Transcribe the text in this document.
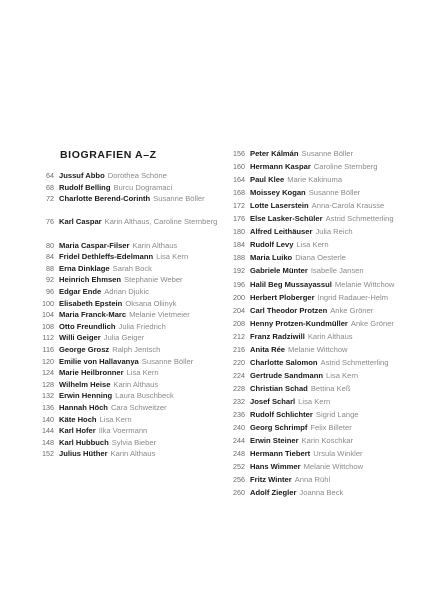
BIOGRAFIEN A–Z
64 Jussuf Abbo Dorothea Schöne
68 Rudolf Belling Burcu Dogramaci
72 Charlotte Berend-Corinth Susanne Böller
76 Karl Caspar Karin Althaus, Caroline Sternberg
80 Maria Caspar-Filser Karin Althaus
84 Fridel Dethleffs-Edelmann Lisa Kern
88 Erna Dinklage Sarah Bock
92 Heinrich Ehmsen Stephanie Weber
96 Edgar Ende Adrian Djukic
100 Elisabeth Epstein Oksana Oliinyk
104 Maria Franck-Marc Melanie Vietmeier
108 Otto Freundlich Julia Friedrich
112 Willi Geiger Julia Geiger
116 George Grosz Ralph Jentsch
120 Emilie von Hallavanya Susanne Böller
124 Marie Heilbronner Lisa Kern
128 Wilhelm Heise Karin Althaus
132 Erwin Henning Laura Buschbeck
136 Hannah Höch Cara Schweitzer
140 Käte Hoch Lisa Kern
144 Karl Hofer Ilka Voermann
148 Karl Hubbuch Sylvia Bieber
152 Julius Hüther Karin Althaus
156 Peter Kálmán Susanne Böller
160 Hermann Kaspar Caroline Sternberg
164 Paul Klee Marie Kakinuma
168 Moissey Kogan Susanne Böller
172 Lotte Laserstein Anna-Carola Krausse
176 Else Lasker-Schüler Astrid Schmetterling
180 Alfred Leithäuser Julia Reich
184 Rudolf Levy Lisa Kern
188 Maria Luiko Diana Oesterle
192 Gabriele Münter Isabelle Jansen
196 Halil Beg Mussayassul Melanie Wittchow
200 Herbert Ploberger Ingrid Radauer-Helm
204 Carl Theodor Protzen Anke Gröner
208 Henny Protzen-Kundmüller Anke Gröner
212 Franz Radziwill Karin Althaus
216 Anita Rée Melanie Wittchow
220 Charlotte Salomon Astrid Schmetterling
224 Gertrude Sandmann Lisa Kern
228 Christian Schad Bettina Keß
232 Josef Scharl Lisa Kern
236 Rudolf Schlichter Sigrid Lange
240 Georg Schrimpf Felix Billeter
244 Erwin Steiner Karin Koschkar
248 Hermann Tiebert Ursula Winkler
252 Hans Wimmer Melanie Wittchow
256 Fritz Winter Anna Rühl
260 Adolf Ziegler Joanna Beck
